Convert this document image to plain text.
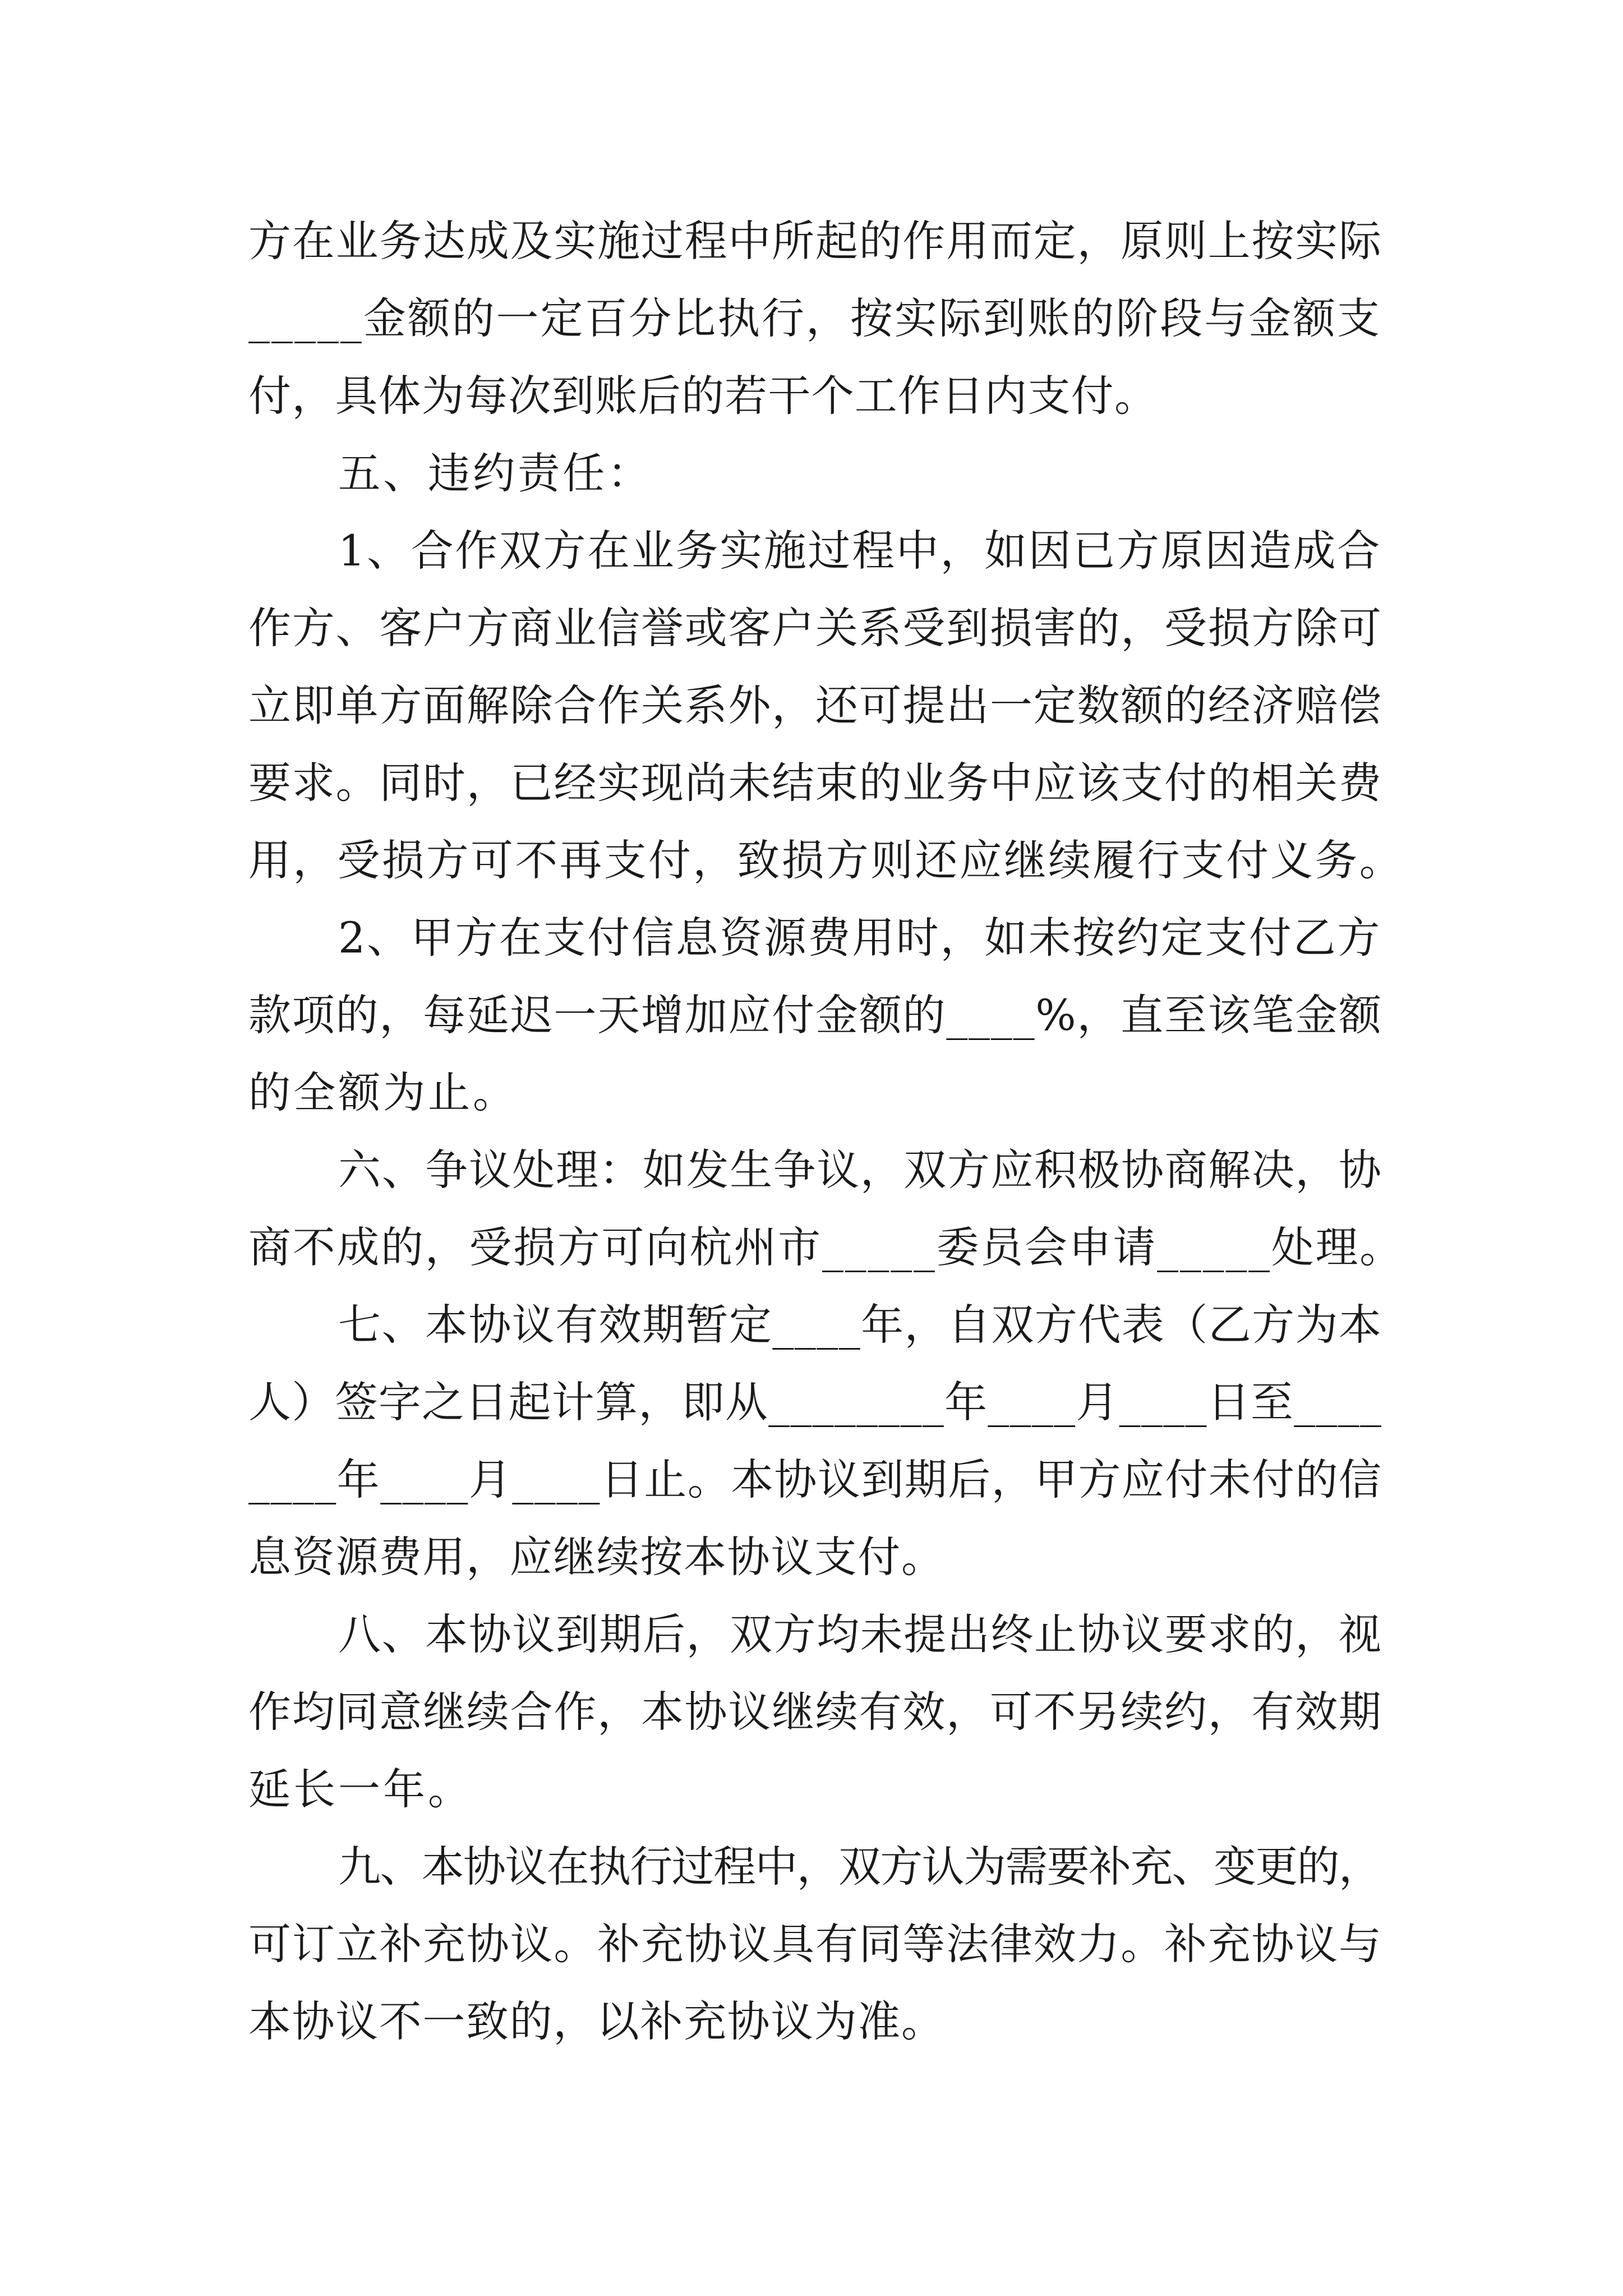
方在业务达成及实施过程中所起的作用而定，原则上按实际

_____金额的一定百分比执行，按实际到账的阶段与金额支

付，具体为每次到账后的若干个工作日内支付。

五、违约责任：

1、合作双方在业务实施过程中，如因已方原因造成合

作方、客户方商业信誉或客户关系受到损害的，受损方除可

立即单方面解除合作关系外，还可提出一定数额的经济赔偿

要求。同时，已经实现尚未结束的业务中应该支付的相关费

用，受损方可不再支付，致损方则还应继续履行支付义务。

2、甲方在支付信息资源费用时，如未按约定支付乙方

款项的，每延迟一天增加应付金额的____%，直至该笔金额

的全额为止。

六、争议处理：如发生争议，双方应积极协商解决，协

商不成的，受损方可向杭州市_____委员会申请_____处理。

七、本协议有效期暂定____年，自双方代表（乙方为本

人）签字之日起计算，即从________年____月____日至____

____年____月____日止。本协议到期后，甲方应付未付的信

息资源费用，应继续按本协议支付。

八、本协议到期后，双方均未提出终止协议要求的，视

作均同意继续合作，本协议继续有效，可不另续约，有效期

延长一年。

九、本协议在执行过程中，双方认为需要补充、变更的，

可订立补充协议。补充协议具有同等法律效力。补充协议与

本协议不一致的，以补充协议为准。
